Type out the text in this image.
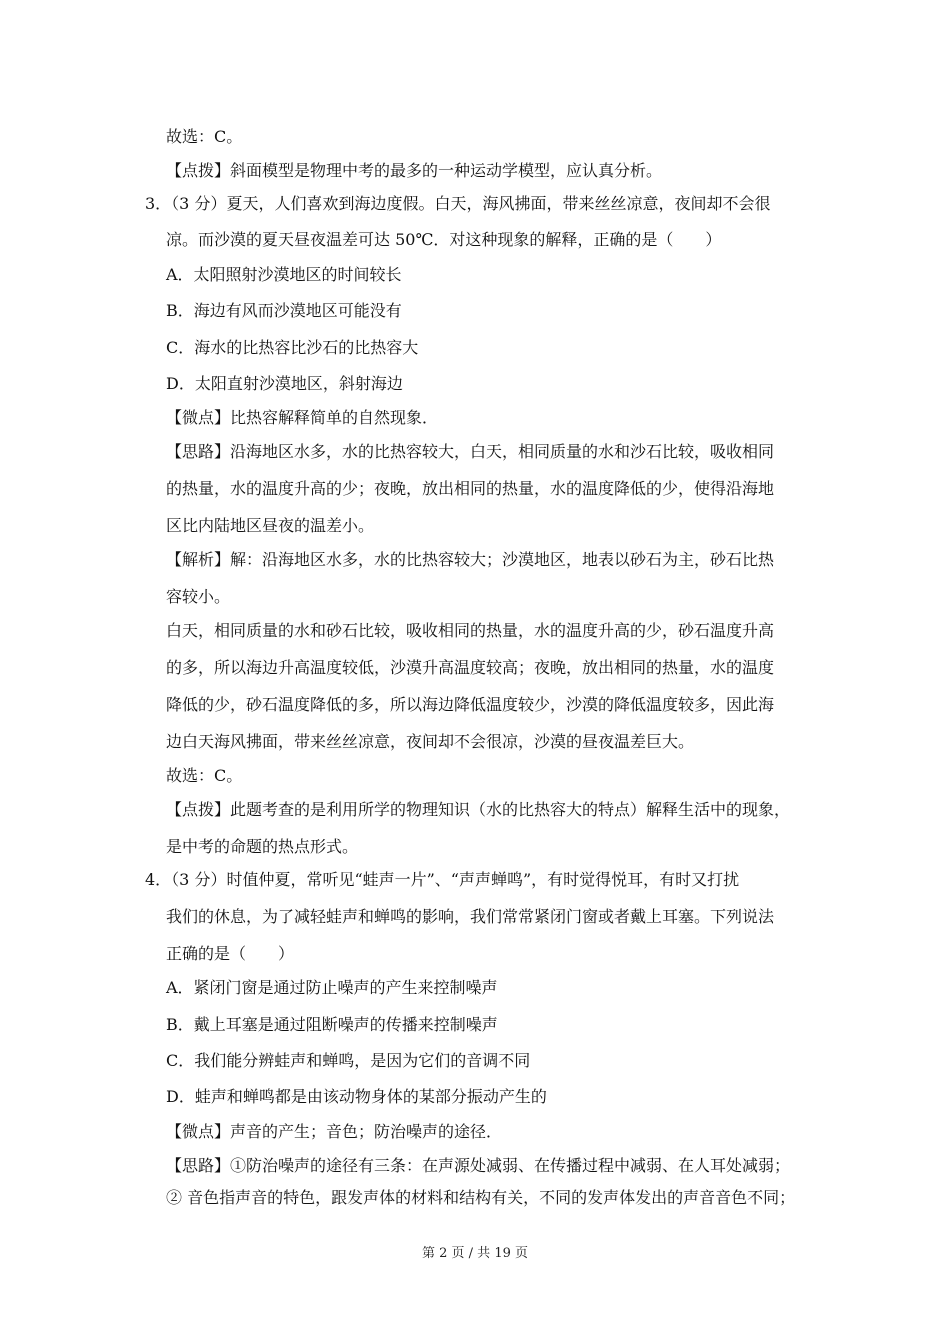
故选：C。
【点拨】斜面模型是物理中考的最多的一种运动学模型，应认真分析。
3．（3 分）夏天，人们喜欢到海边度假。白天，海风拂面，带来丝丝凉意，夜间却不会很
凉。而沙漠的夏天昼夜温差可达 50℃．对这种现象的解释，正确的是（　　）
A．太阳照射沙漠地区的时间较长
B．海边有风而沙漠地区可能没有
C．海水的比热容比沙石的比热容大
D．太阳直射沙漠地区，斜射海边
【微点】比热容解释简单的自然现象．
【思路】沿海地区水多，水的比热容较大，白天，相同质量的水和沙石比较，吸收相同
的热量，水的温度升高的少；夜晚，放出相同的热量，水的温度降低的少，使得沿海地
区比内陆地区昼夜的温差小。
【解析】解：沿海地区水多，水的比热容较大；沙漠地区，地表以砂石为主，砂石比热
容较小。
白天，相同质量的水和砂石比较，吸收相同的热量，水的温度升高的少，砂石温度升高
的多，所以海边升高温度较低，沙漠升高温度较高；夜晚，放出相同的热量，水的温度
降低的少，砂石温度降低的多，所以海边降低温度较少，沙漠的降低温度较多，因此海
边白天海风拂面，带来丝丝凉意，夜间却不会很凉，沙漠的昼夜温差巨大。
故选：C。
【点拨】此题考查的是利用所学的物理知识（水的比热容大的特点）解释生活中的现象，
是中考的命题的热点形式。
4．（3 分）时值仲夏，常听见“蛙声一片”、“声声蝉鸣”，有时觉得悦耳，有时又打扰
我们的休息，为了减轻蛙声和蝉鸣的影响，我们常常紧闭门窗或者戴上耳塞。下列说法
正确的是（　　）
A．紧闭门窗是通过防止噪声的产生来控制噪声
B．戴上耳塞是通过阻断噪声的传播来控制噪声
C．我们能分辨蛙声和蝉鸣，是因为它们的音调不同
D．蛙声和蝉鸣都是由该动物身体的某部分振动产生的
【微点】声音的产生；音色；防治噪声的途径．
【思路】①防治噪声的途径有三条：在声源处减弱、在传播过程中减弱、在人耳处减弱；
② 音色指声音的特色，跟发声体的材料和结构有关，不同的发声体发出的声音音色不同；
第 2 页 / 共 19 页
